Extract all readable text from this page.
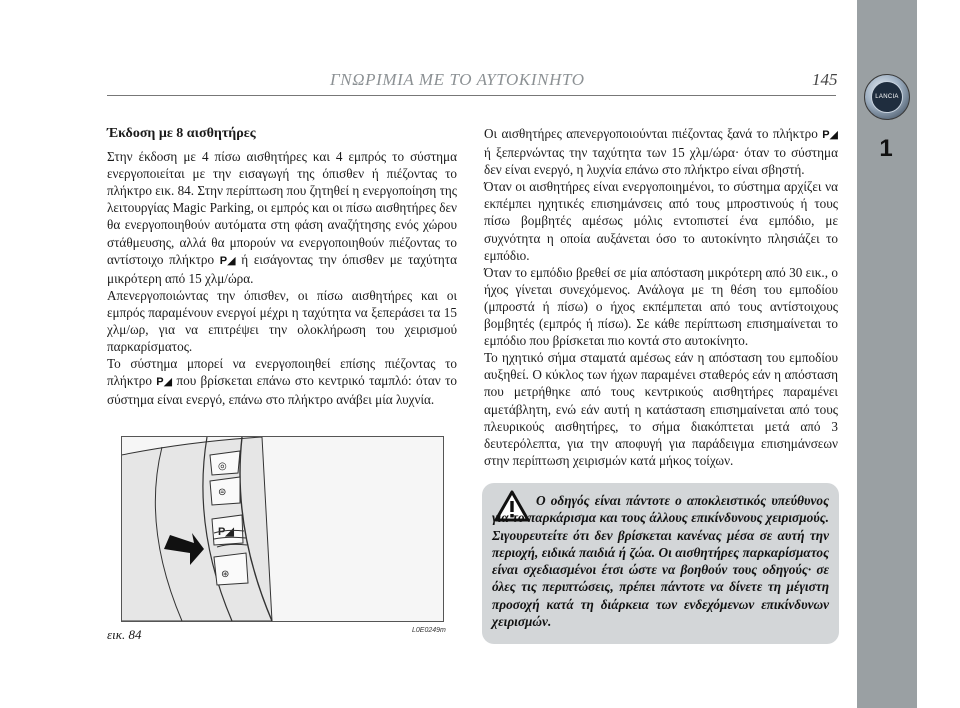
LANCIA
1
ΓΝΩΡΙΜΙΑ ΜΕ ΤΟ ΑΥΤΟΚΙΝΗΤΟ	145

Έκδοση με 8 αισθητήρες

Στην έκδοση με 4 πίσω αισθητήρες και 4 εμπρός το σύστημα ενεργοποιείται με την εισαγωγή της όπισθεν ή πιέζοντας το πλήκτρο εικ. 84. Στην περίπτωση που ζητηθεί η ενεργοποίηση της λειτουργίας Magic Parking, οι εμπρός και οι πίσω αισθητήρες δεν θα ενεργοποιηθούν αυτόματα στη φάση αναζήτησης ενός χώρου στάθμευσης, αλλά θα μπορούν να ενεργοποιηθούν πιέζοντας το αντίστοιχο πλήκτρο P◢ ή εισάγοντας την όπισθεν με ταχύτητα μικρότερη από 15 χλμ/ώρα.

Απενεργοποιώντας την όπισθεν, οι πίσω αισθητήρες και οι εμπρός παραμένουν ενεργοί μέχρι η ταχύτητα να ξεπεράσει τα 15 χλμ/ωρ, για να επιτρέψει την ολοκλήρωση του χειρισμού παρκαρίσματος.

Το σύστημα μπορεί να ενεργοποιηθεί επίσης πιέζοντας το πλήκτρο P◢ που βρίσκεται επάνω στο κεντρικό ταμπλό: όταν το σύστημα είναι ενεργό, επάνω στο πλήκτρο ανάβει μία λυχνία.

◎
⊜
P◢
⊛
εικ. 84	L0E0249m

Οι αισθητήρες απενεργοποιούνται πιέζοντας ξανά το πλήκτρο P◢ ή ξεπερνώντας την ταχύτητα των 15 χλμ/ώρα· όταν το σύστημα δεν είναι ενεργό, η λυχνία επάνω στο πλήκτρο είναι σβηστή.

Όταν οι αισθητήρες είναι ενεργοποιημένοι, το σύστημα αρχίζει να εκπέμπει ηχητικές επισημάνσεις από τους μπροστινούς ή τους πίσω βομβητές αμέσως μόλις εντοπιστεί ένα εμπόδιο, με συχνότητα η οποία αυξάνεται όσο το αυτοκίνητο πλησιάζει το εμπόδιο.

Όταν το εμπόδιο βρεθεί σε μία απόσταση μικρότερη από 30 εικ., ο ήχος γίνεται συνεχόμενος. Ανάλογα με τη θέση του εμποδίου (μπροστά ή πίσω) ο ήχος εκπέμπεται από τους αντίστοιχους βομβητές (εμπρός ή πίσω). Σε κάθε περίπτωση επισημαίνεται το εμπόδιο που βρίσκεται πιο κοντά στο αυτοκίνητο.

Το ηχητικό σήμα σταματά αμέσως εάν η απόσταση του εμποδίου αυξηθεί. Ο κύκλος των ήχων παραμένει σταθερός εάν η απόσταση που μετρήθηκε από τους κεντρικούς αισθητήρες παραμένει αμετάβλητη, ενώ εάν αυτή η κατάσταση επισημαίνεται από τους πλευρικούς αισθητήρες, το σήμα διακόπτεται μετά από 3 δευτερόλεπτα, για την αποφυγή για παράδειγμα επισημάνσεων στην περίπτωση χειρισμών κατά μήκος τοίχων.

Ο οδηγός είναι πάντοτε ο αποκλειστικός υπεύθυνος για το παρκάρισμα και τους άλλους επικίνδυνους χειρισμούς. Σιγουρευτείτε ότι δεν βρίσκεται κανένας μέσα σε αυτή την περιοχή, ειδικά παιδιά ή ζώα. Οι αισθητήρες παρκαρίσματος είναι σχεδιασμένοι έτσι ώστε να βοηθούν τους οδηγούς· σε όλες τις περιπτώσεις, πρέπει πάντοτε να δίνετε τη μέγιστη προσοχή κατά τη διάρκεια των ενδεχόμενων επικίνδυνων χειρισμών.
carmanualsonline.info
